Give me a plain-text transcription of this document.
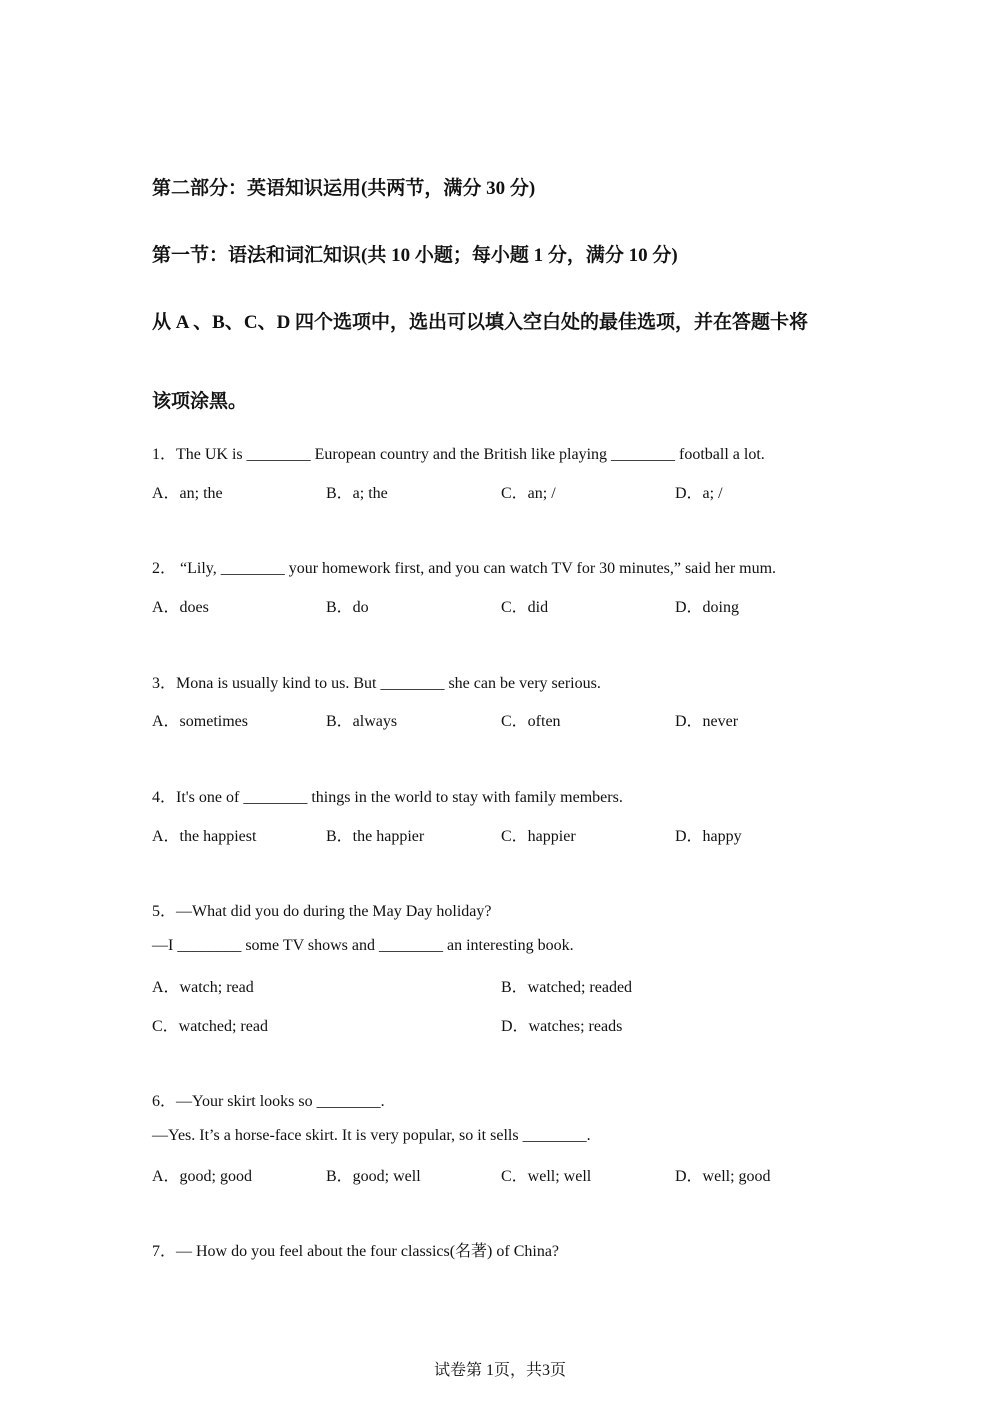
第二部分：英语知识运用(共两节，满分 30 分)
第一节：语法和词汇知识(共 10 小题；每小题 1 分，满分 10 分)
从 A 、B、C、D 四个选项中，选出可以填入空白处的最佳选项，并在答题卡将
该项涂黑。
1．The UK is ________ European country and the British like playing ________ football a lot.
A．an; the	B．a; the	C．an; /	D．a; /
2． “Lily, ________ your homework first, and you can watch TV for 30 minutes,” said her mum.
A．does	B．do	C．did	D．doing
3．Mona is usually kind to us. But ________ she can be very serious.
A．sometimes	B．always	C．often	D．never
4．It's one of ________ things in the world to stay with family members.
A．the happiest	B．the happier	C．happier	D．happy
5．—What did you do during the May Day holiday?
—I ________ some TV shows and ________ an interesting book.
A．watch; read	B．watched; readed
C．watched; read	D．watches; reads
6．—Your skirt looks so ________.
—Yes. It’s a horse-face skirt. It is very popular, so it sells ________.
A．good; good	B．good; well	C．well; well	D．well; good
7．— How do you feel about the four classics(名著) of China?
试卷第 1页，共3页
